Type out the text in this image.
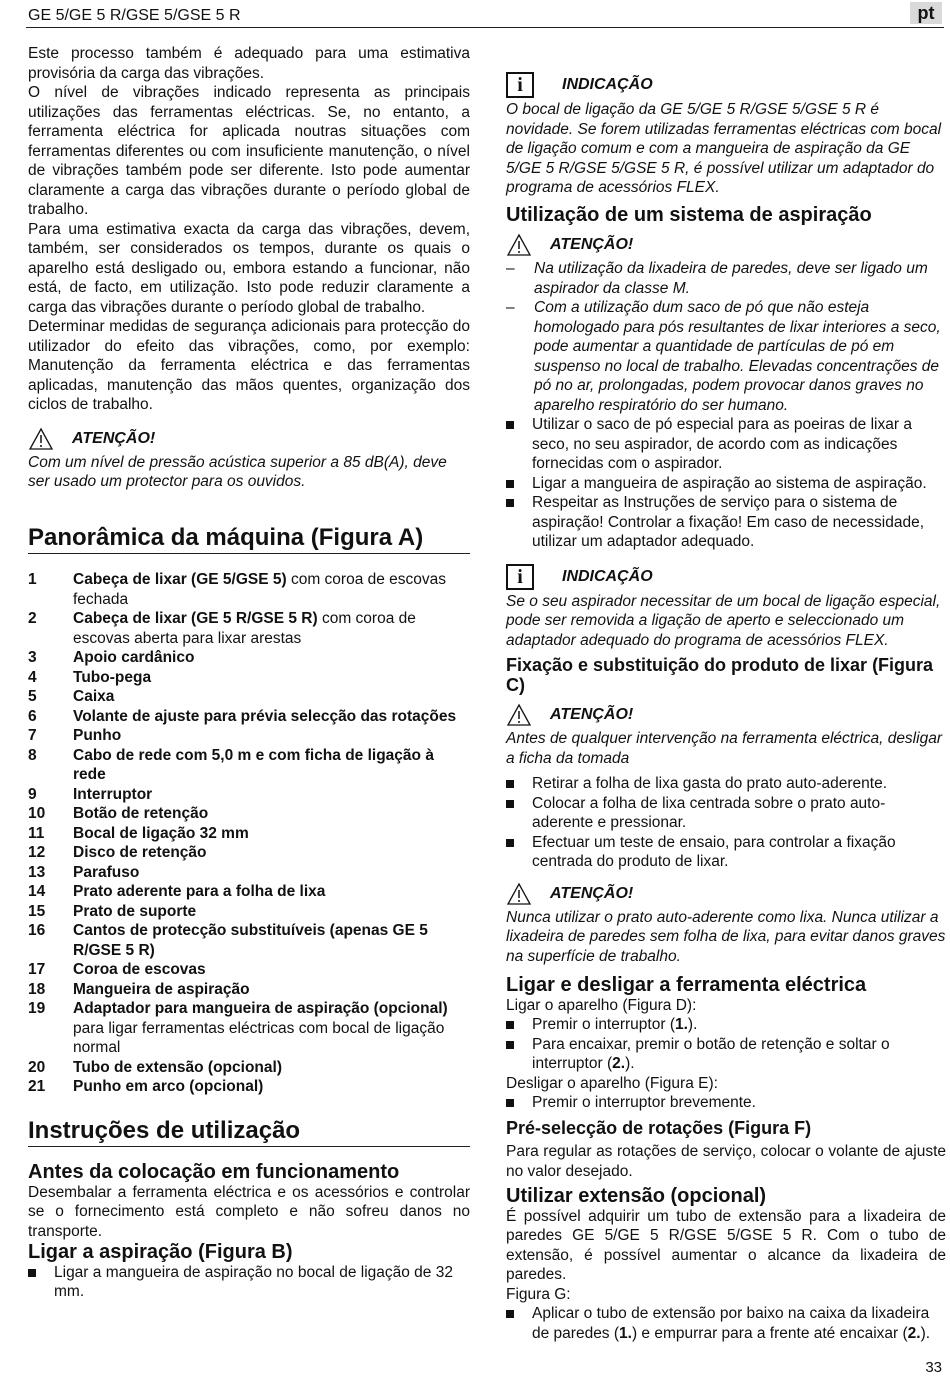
GE 5/GE 5 R/GSE 5/GSE 5 R	pt

Este processo também é adequado para uma estimativa provisória da carga das vibrações.

O nível de vibrações indicado representa as principais utilizações das ferramentas eléctricas. Se, no entanto, a ferramenta eléctrica for aplicada noutras situações com ferramentas diferentes ou com insuficiente manutenção, o nível de vibrações também pode ser diferente. Isto pode aumentar claramente a carga das vibrações durante o período global de trabalho.

Para uma estimativa exacta da carga das vibrações, devem, também, ser considerados os tempos, durante os quais o aparelho está desligado ou, embora estando a funcionar, não está, de facto, em utilização. Isto pode reduzir claramente a carga das vibrações durante o período global de trabalho.

Determinar medidas de segurança adicionais para protecção do utilizador do efeito das vibrações, como, por exemplo: Manutenção da ferramenta eléctrica e das ferramentas aplicadas, manutenção das mãos quentes, organização dos ciclos de trabalho.

ATENÇÃO!

Com um nível de pressão acústica superior a 85 dB(A), deve ser usado um protector para os ouvidos.

Panorâmica da máquina (Figura A)
1	Cabeça de lixar (GE 5/GSE 5) com coroa de escovas fechada
2	Cabeça de lixar (GE 5 R/GSE 5 R) com coroa de escovas aberta para lixar arestas
3	Apoio cardânico
4	Tubo-pega
5	Caixa
6	Volante de ajuste para prévia selecção das rotações
7	Punho
8	Cabo de rede com 5,0 m e com ficha de ligação à rede
9	Interruptor
10	Botão de retenção
11	Bocal de ligação 32 mm
12	Disco de retenção
13	Parafuso
14	Prato aderente para a folha de lixa
15	Prato de suporte
16	Cantos de protecção substituíveis (apenas GE 5 R/GSE 5 R)
17	Coroa de escovas
18	Mangueira de aspiração
19	Adaptador para mangueira de aspiração (opcional) para ligar ferramentas eléctricas com bocal de ligação normal
20	Tubo de extensão (opcional)
21	Punho em arco (opcional)
Instruções de utilização
Antes da colocação em funcionamento

Desembalar a ferramenta eléctrica e os acessórios e controlar se o fornecimento está completo e não sofreu danos no transporte.

Ligar a aspiração (Figura B)
Ligar a mangueira de aspiração no bocal de ligação de 32 mm.
i	INDICAÇÃO

O bocal de ligação da GE 5/GE 5 R/GSE 5/GSE 5 R é novidade. Se forem utilizadas ferramentas eléctricas com bocal de ligação comum e com a mangueira de aspiração da GE 5/GE 5 R/GSE 5/GSE 5 R, é possível utilizar um adaptador do programa de acessórios FLEX.

Utilização de um sistema de aspiração
ATENÇÃO!
–	Na utilização da lixadeira de paredes, deve ser ligado um aspirador da classe M.
–	Com a utilização dum saco de pó que não esteja homologado para pós resultantes de lixar interiores a seco, pode aumentar a quantidade de partículas de pó em suspenso no local de trabalho. Elevadas concentrações de pó no ar, prolongadas, podem provocar danos graves no aparelho respiratório do ser humano.
Utilizar o saco de pó especial para as poeiras de lixar a seco, no seu aspirador, de acordo com as indicações fornecidas com o aspirador.
Ligar a mangueira de aspiração ao sistema de aspiração.
Respeitar as Instruções de serviço para o sistema de aspiração! Controlar a fixação! Em caso de necessidade, utilizar um adaptador adequado.
i	INDICAÇÃO

Se o seu aspirador necessitar de um bocal de ligação especial, pode ser removida a ligação de aperto e seleccionado um adaptador adequado do programa de acessórios FLEX.

Fixação e substituição do produto de lixar (Figura C)
ATENÇÃO!

Antes de qualquer intervenção na ferramenta eléctrica, desligar a ficha da tomada

Retirar a folha de lixa gasta do prato auto-aderente.
Colocar a folha de lixa centrada sobre o prato auto-aderente e pressionar.
Efectuar um teste de ensaio, para controlar a fixação centrada do produto de lixar.
ATENÇÃO!

Nunca utilizar o prato auto-aderente como lixa. Nunca utilizar a lixadeira de paredes sem folha de lixa, para evitar danos graves na superfície de trabalho.

Ligar e desligar a ferramenta eléctrica

Ligar o aparelho (Figura D):

Premir o interruptor (1.).
Para encaixar, premir o botão de retenção e soltar o interruptor (2.).

Desligar o aparelho (Figura E):

Premir o interruptor brevemente.
Pré-selecção de rotações (Figura F)

Para regular as rotações de serviço, colocar o volante de ajuste no valor desejado.

Utilizar extensão (opcional)

É possível adquirir um tubo de extensão para a lixadeira de paredes GE 5/GE 5 R/GSE 5/GSE 5 R. Com o tubo de extensão, é possível aumentar o alcance da lixadeira de paredes.

Figura G:

Aplicar o tubo de extensão por baixo na caixa da lixadeira de paredes (1.) e empurrar para a frente até encaixar (2.).
33
